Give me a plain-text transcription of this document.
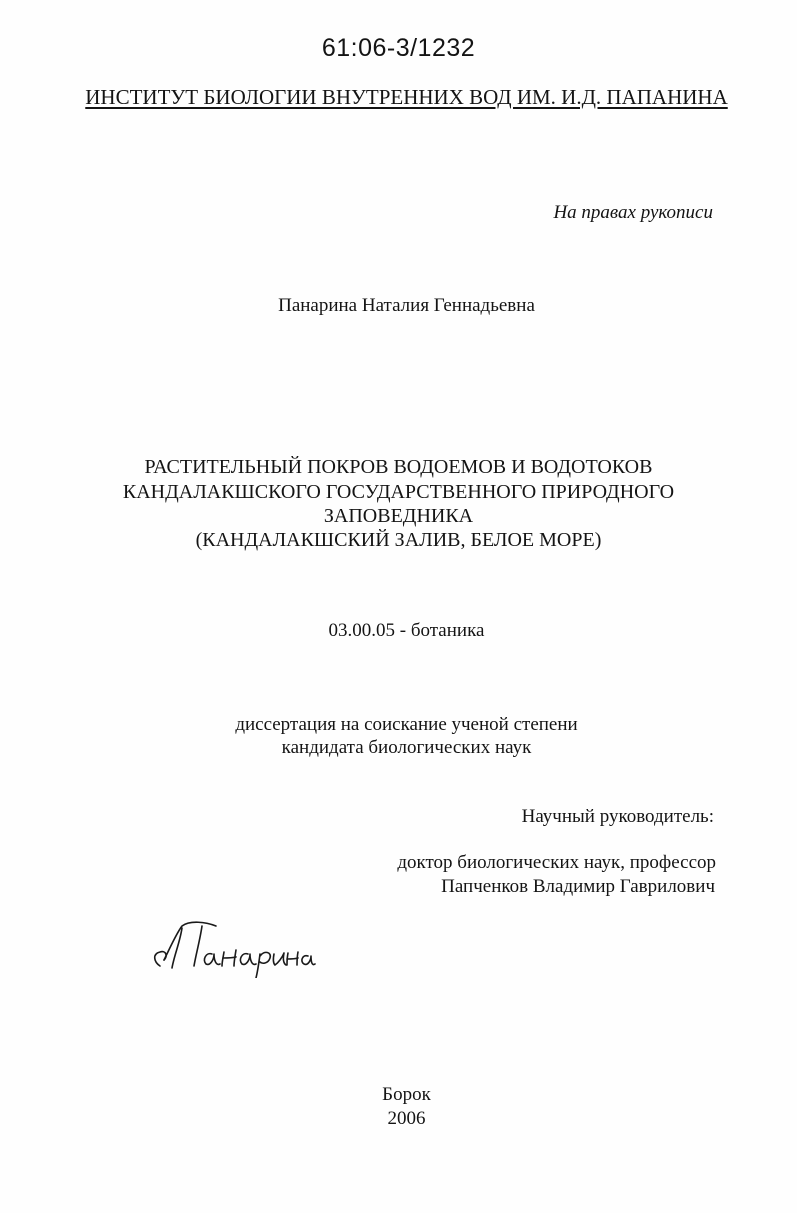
61:06-3/1232
ИНСТИТУТ БИОЛОГИИ ВНУТРЕННИХ ВОД ИМ. И.Д. ПАПАНИНА
На правах рукописи
Панарина Наталия Геннадьевна
РАСТИТЕЛЬНЫЙ ПОКРОВ ВОДОЕМОВ И ВОДОТОКОВ
КАНДАЛАКШСКОГО ГОСУДАРСТВЕННОГО ПРИРОДНОГО
ЗАПОВЕДНИКА
(КАНДАЛАКШСКИЙ ЗАЛИВ, БЕЛОЕ МОРЕ)
03.00.05 - ботаника
диссертация на соискание ученой степени
кандидата биологических наук
Научный руководитель:
доктор биологических наук, профессор
Папченков Владимир Гаврилович
Борок
2006
